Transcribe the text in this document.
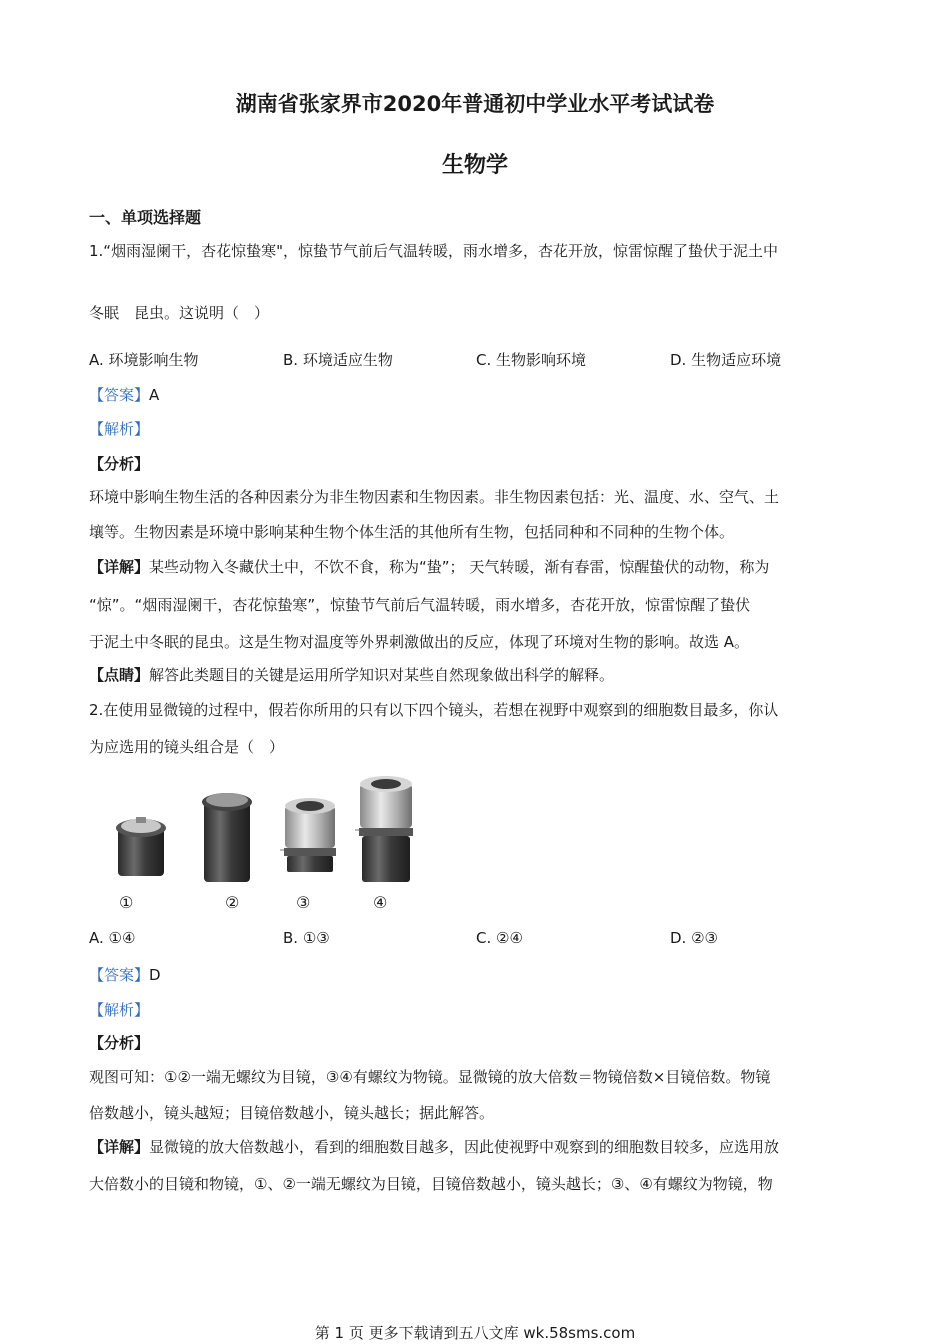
湖南省张家界市2020年普通初中学业水平考试试卷
生物学
一、单项选择题
1.“烟雨湿阑干，杏花惊蛰寒"，惊蛰节气前后气温转暖，雨水增多，杏花开放，惊雷惊醒了蛰伏于泥土中
冬眠　昆虫。这说明（　）
A. 环境影响生物	B. 环境适应生物	C. 生物影响环境	D. 生物适应环境
【答案】A
【解析】
【分析】
环境中影响生物生活的各种因素分为非生物因素和生物因素。非生物因素包括：光、温度、水、空气、土
壤等。生物因素是环境中影响某种生物个体生活的其他所有生物，包括同种和不同种的生物个体。
【详解】某些动物入冬藏伏土中，不饮不食，称为“蛰”； 天气转暖，渐有春雷，惊醒蛰伏的动物，称为
“惊”。“烟雨湿阑干，杏花惊蛰寒”，惊蛰节气前后气温转暖，雨水增多，杏花开放，惊雷惊醒了蛰伏
于泥土中冬眠的昆虫。这是生物对温度等外界刺激做出的反应，体现了环境对生物的影响。故选 A。
【点睛】解答此类题目的关键是运用所学知识对某些自然现象做出科学的解释。
2.在使用显微镜的过程中，假若你所用的只有以下四个镜头，若想在视野中观察到的细胞数目最多，你认
为应选用的镜头组合是（　）
①	②	③	④
A. ①④	B. ①③	C. ②④	D. ②③
【答案】D
【解析】
【分析】
观图可知：①②一端无螺纹为目镜，③④有螺纹为物镜。显微镜的放大倍数＝物镜倍数×目镜倍数。物镜
倍数越小，镜头越短；目镜倍数越小，镜头越长；据此解答。
【详解】显微镜的放大倍数越小，看到的细胞数目越多，因此使视野中观察到的细胞数目较多，应选用放
大倍数小的目镜和物镜，①、②一端无螺纹为目镜，目镜倍数越小，镜头越长；③、④有螺纹为物镜，物
第 1 页 更多下载请到五八文库 wk.58sms.com
